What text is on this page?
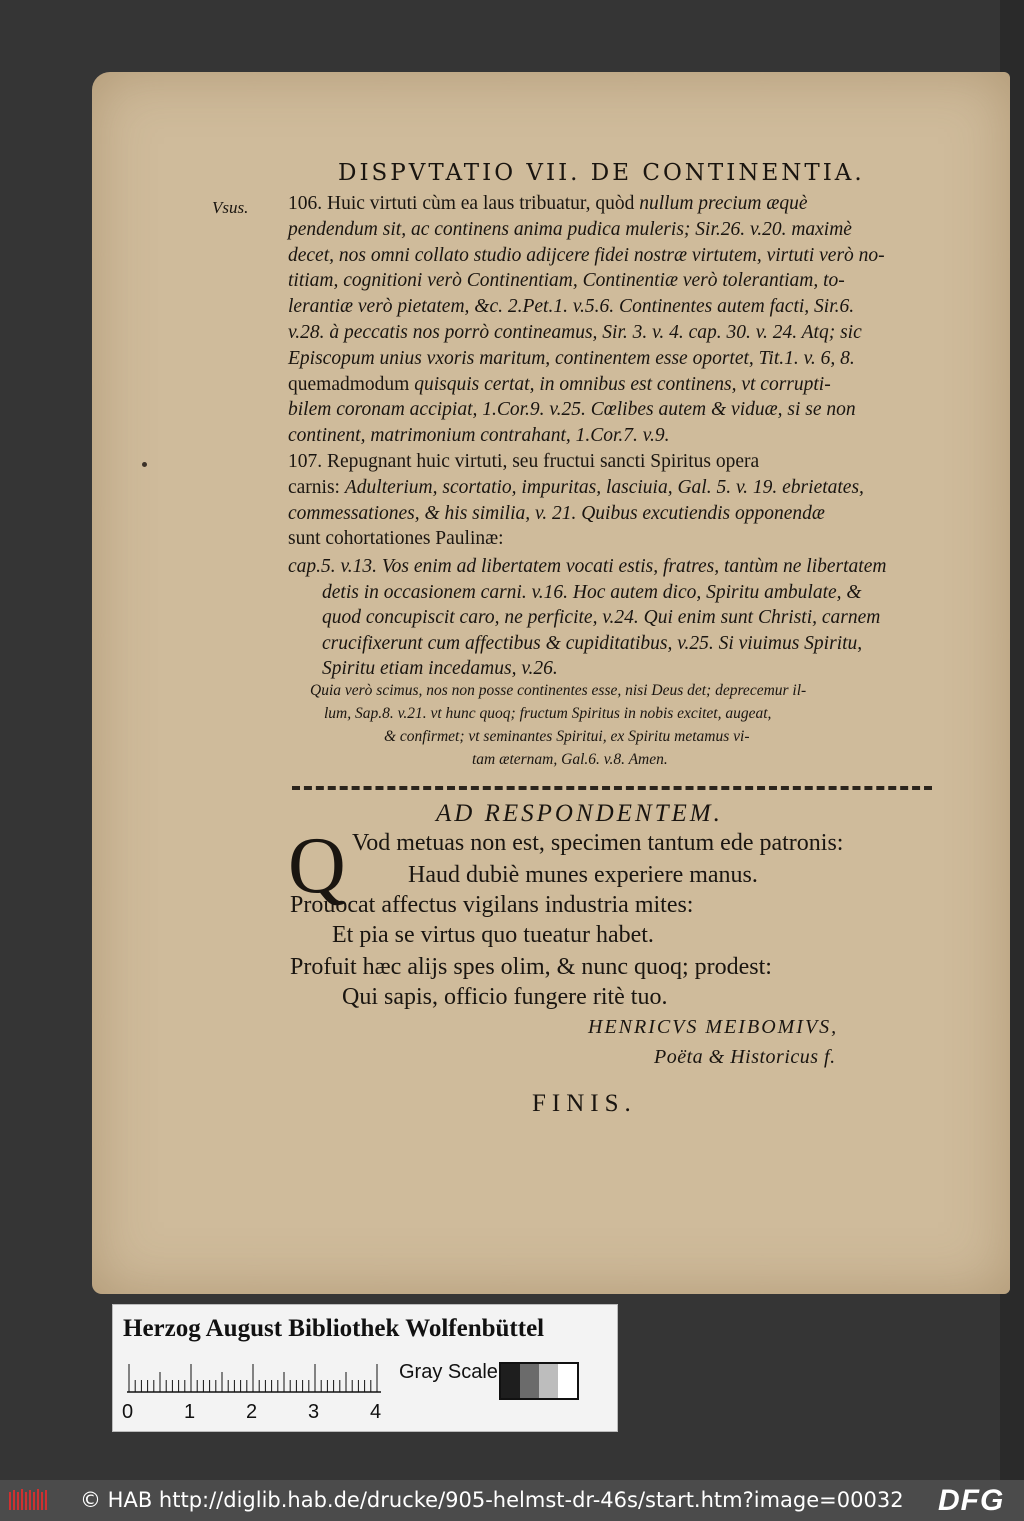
DISPVTATIO VII. DE CONTINENTIA.
Vsus. 106. Huic virtuti cùm ea laus tribuatur, quòd nullum precium æquè
pendendum sit, ac continens anima pudica muleris; Sir.26. v.20. maximè
decet, nos omni collato studio adijcere fidei nostræ virtutem, virtuti verò no-
titiam, cognitioni verò Continentiam, Continentiæ verò tolerantiam, to-
lerantiæ verò pietatem, &c. 2.Pet.1. v.5.6. Continentes autem facti, Sir.6.
v.28. à peccatis nos porrò contineamus, Sir. 3. v. 4. cap. 30. v. 24. Atq; sic
Episcopum unius vxoris maritum, continentem esse oportet, Tit.1. v. 6, 8.
quemadmodum quisquis certat, in omnibus est continens, vt corrupti-
bilem coronam accipiat, 1.Cor.9. v.25. Cœlibes autem & viduæ, si se non
continent, matrimonium contrahant, 1.Cor.7. v.9.
107. Repugnant huic virtuti, seu fructui sancti Spiritus opera
carnis: Adulterium, scortatio, impuritas, lasciuia, Gal. 5. v. 19. ebrietates,
commessationes, & his similia, v. 21. Quibus excutiendis opponendæ
sunt cohortationes Paulinæ:
cap.5. v.13. Vos enim ad libertatem vocati estis, fratres, tantùm ne libertatem
detis in occasionem carni. v.16. Hoc autem dico, Spiritu ambulate, &
quod concupiscit caro, ne perficite, v.24. Qui enim sunt Christi, carnem
crucifixerunt cum affectibus & cupiditatibus, v.25. Si viuimus Spiritu,
Spiritu etiam incedamus, v.26.
Quia verò scimus, nos non posse continentes esse, nisi Deus det; deprecemur il-
lum, Sap.8. v.21. vt hunc quoq; fructum Spiritus in nobis excitet, augeat,
& confirmet; vt seminantes Spiritui, ex Spiritu metamus vi-
tam æternam, Gal.6. v.8. Amen.
AD RESPONDENTEM.
Q Vod metuas non est, specimen tantum ede patronis:
Haud dubiè munes experiere manus.
Prouocat affectus vigilans industria mites:
Et pia se virtus quo tueatur habet.
Profuit hæc alijs spes olim, & nunc quoq; prodest:
Qui sapis, officio fungere ritè tuo.
HENRICVS MEIBOMIVS,
Poëta & Historicus f.
FINIS.
Herzog August Bibliothek Wolfenbüttel
0	1	2	3	4
Gray Scale
© HAB http://diglib.hab.de/drucke/905-helmst-dr-46s/start.htm?image=00032 DFG
